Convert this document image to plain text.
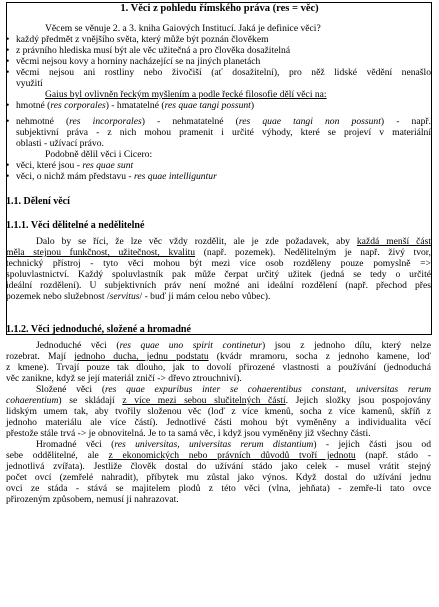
1. Věci z pohledu římského práva (res = věc)
Věcem se věnuje 2. a 3. kniha Gaiových Institucí. Jaká je definice věci?
• každý předmět z vnějšího světa, který může být poznán člověkem
• z právního hlediska musí být ale věc užitečná a pro člověka dosažitelná
• věcmi nejsou kovy a horniny nacházející se na jiných planetách
• věcmi nejsou ani rostliny nebo živočiší (ať dosažitelní), pro něž lidské vědění nenašlo
využití
Gaius byl ovlivněn řeckým myšlením a podle řecké filosofie dělí věci na:
• hmotné (res corporales) - hmatatelné (res quae tangi possunt)
• nehmotné (res incorporales) - nehmatatelné (res quae tangi non possunt) - např.
subjektivní práva - z nich mohou pramenit i určité výhody, které se projeví v materiální
oblasti - užívací právo.
Podobně dělil věci i Cicero:
• věci, které jsou - res quae sunt
• věci, o nichž mám představu - res quae intelliguntur
1.1. Dělení věcí
1.1.1. Věci dělitelné a nedělitelné
Dalo by se říci, že lze věc vždy rozdělit, ale je zde požadavek, aby každá menší část
měla stejnou funkčnost, užitečnost, kvalitu (např. pozemek). Nedělitelným je např. živý tvor,
technický přístroj - tyto věci mohou být mezi více osob rozděleny pouze pomyslně =>
spoluvlastnictví. Každý spoluvlastník pak může čerpat určitý užitek (jedná se tedy o určité
ideální rozdělení). U subjektivních práv není možné ani ideální rozdělení (např. přechod přes
pozemek nebo služebnost /servitus/ - buď ji mám celou nebo vůbec).
1.1.2. Věci jednoduché, složené a hromadné
Jednoduché věci (res quae uno spirit continetur) jsou z jednoho dílu, který nelze
rozebrat. Mají jednoho ducha, jednu podstatu (kvádr mramoru, socha z jednoho kamene, loď
z kmene). Trvají pouze tak dlouho, jak to dovolí přirozené vlastnosti a používání (jednoduchá
věc zanikne, když se její materiál zničí -> dřevo ztrouchniví).
Složené věci (res quae expuribus inter se cohaerentibus constant, universitas rerum
cohaerentium) se skládají z více mezi sebou slučitelných částí. Jejich složky jsou pospojovány
lidským umem tak, aby tvořily složenou věc (loď z více kmenů, socha z více kamenů, skříň z
jednoho materiálu ale více částí). Jednotlivé části mohou být vyměněny a individualita věcí
přestože stále trvá -> je obnovitelná. Je to ta samá věc, i když jsou vyměněny již všechny části.
Hromadné věci (res universitas, universitas rerum distantium) - jejich části jsou od
sebe oddělitelné, ale z ekonomických nebo právních důvodů tvoří jednotu (např. stádo -
jednotlivá zvířata). Jestliže člověk dostal do užívání stádo jako celek - musel vrátit stejný
počet ovcí (zemřelé nahradit), příbytek mu zůstal jako výnos. Když dostal do užívání jednu
ovci ze stáda - stává se majitelem plodů z této věci (vlna, jehňata) - zemře-li tato ovce
přirozeným způsobem, nemusí ji nahrazovat.
